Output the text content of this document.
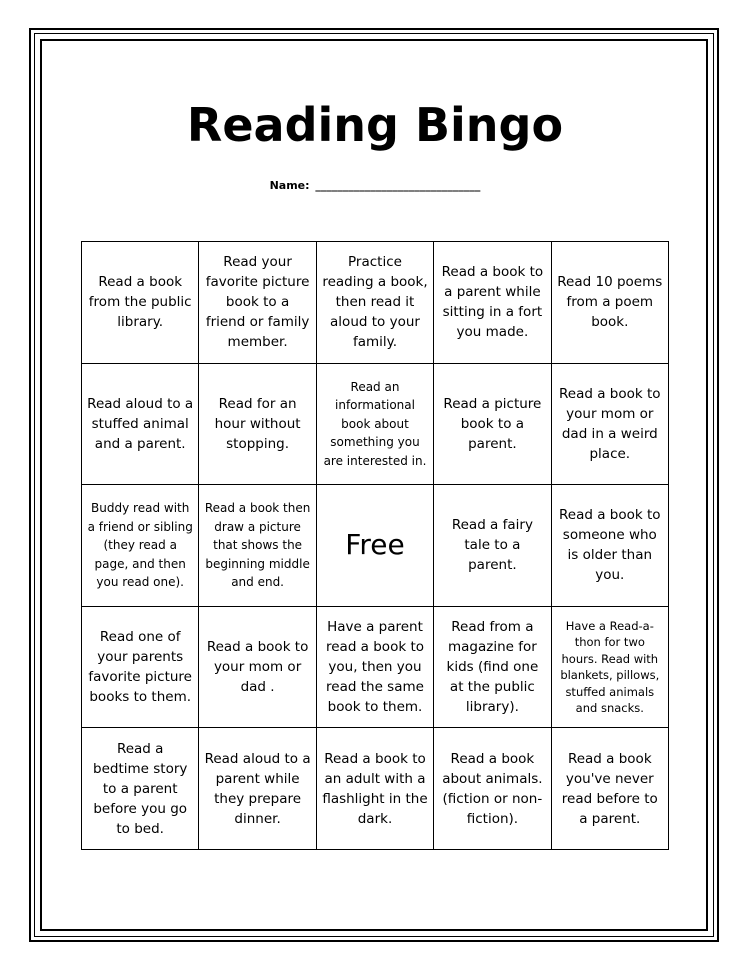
Reading Bingo
Name: ______________________________
Read a book from the public library.
Read your favorite picture book to a friend or family member.
Practice reading a book, then read it aloud to your family.
Read a book to a parent while sitting in a fort you made.
Read 10 poems from a poem book.
Read aloud to a stuffed animal and a parent.
Read for an hour without stopping.
Read an informational book about something you are interested in.
Read a picture book to a parent.
Read a book to your mom or dad in a weird place.
Buddy read with a friend or sibling (they read a page, and then you read one).
Read a book then draw a picture that shows the beginning middle and end.
Free
Read a fairy tale to a parent.
Read a book to someone who is older than you.
Read one of your parents favorite picture books to them.
Read a book to your mom or dad .
Have a parent read a book to you, then you read the same book to them.
Read from a magazine for kids (find one at the public library).
Have a Read-a-thon for two hours. Read with blankets, pillows, stuffed animals and snacks.
Read a bedtime story to a parent before you go to bed.
Read aloud to a parent while they prepare dinner.
Read a book to an adult with a flashlight in the dark.
Read a book about animals. (fiction or non-fiction).
Read a book you've never read before to a parent.
